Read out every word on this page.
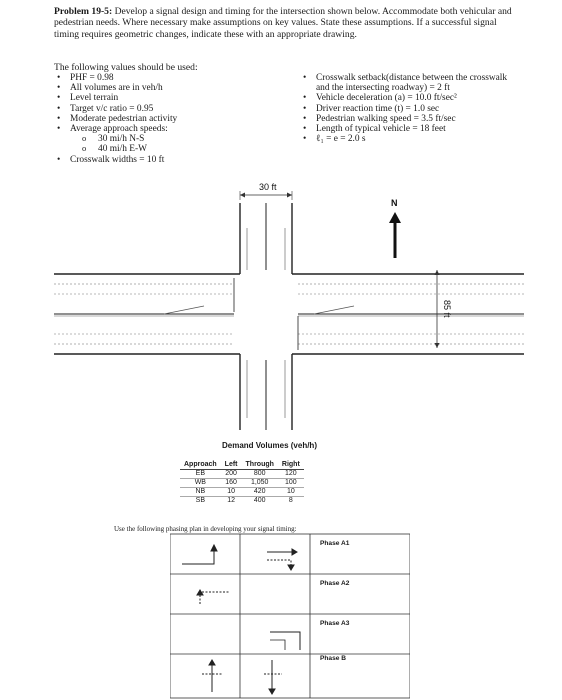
Problem 19-5: Develop a signal design and timing for the intersection shown below. Accommodate both vehicular and pedestrian needs. Where necessary make assumptions on key values. State these assumptions. If a successful signal timing requires geometric changes, indicate these with an appropriate drawing.
The following values should be used:
• PHF = 0.98
• All volumes are in veh/h
• Level terrain
• Target v/c ratio = 0.95
• Moderate pedestrian activity
• Average approach speeds:
o 30 mi/h N-S
o 40 mi/h E-W
• Crosswalk widths = 10 ft
• Crosswalk setback(distance between the crosswalk and the intersecting roadway) = 2 ft
• Vehicle deceleration (a) = 10.0 ft/sec²
• Driver reaction time (t) = 1.0 sec
• Pedestrian walking speed = 3.5 ft/sec
• Length of typical vehicle = 18 feet
• ℓ₁ = e = 2.0 s
30 ft
N
85 ft
Demand Volumes (veh/h)
Approach	Left	Through	Right
EB	200	800	120
WB	160	1,050	100
NB	10	420	10
SB	12	400	8
Use the following phasing plan in developing your signal timing:
Phase A1
Phase A2
Phase A3
Phase B
